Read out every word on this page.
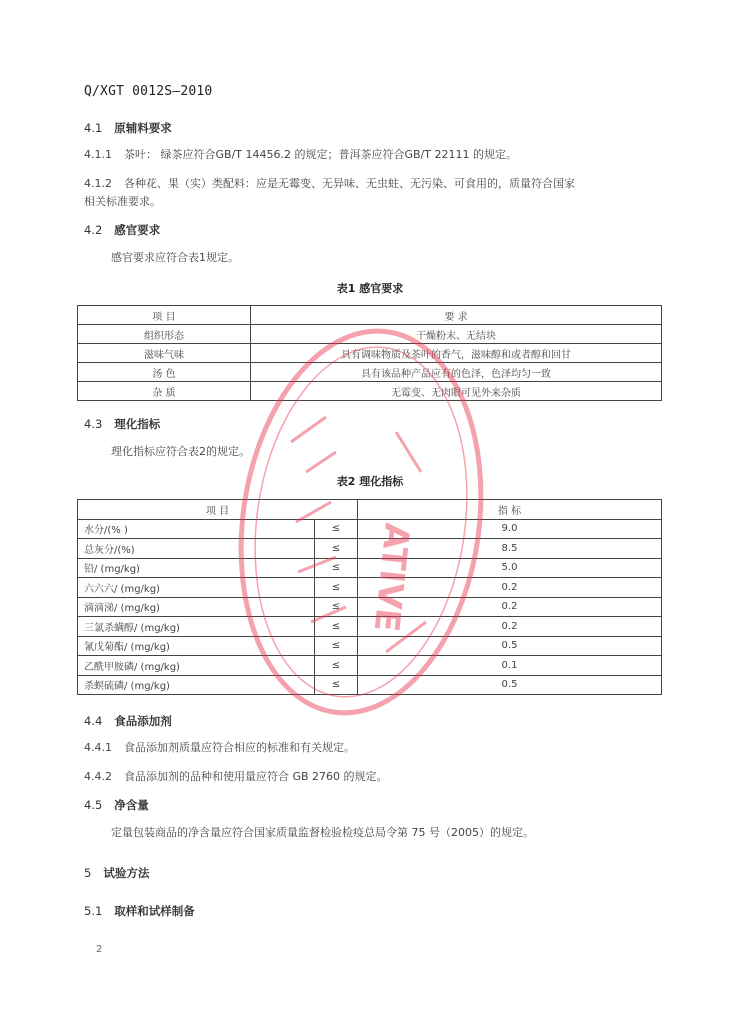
Q/XGT 0012S—2010
4.1 原辅料要求
4.1.1 茶叶： 绿茶应符合GB/T 14456.2 的规定；普洱茶应符合GB/T 22111 的规定。
4.1.2 各种花、果（实）类配料：应是无霉变、无异味、无虫蛀、无污染、可食用的，质量符合国家
相关标准要求。
4.2 感官要求
感官要求应符合表1规定。
表1 感官要求
项 目	要 求
组织形态	干燥粉末、无结块
滋味气味	具有调味物质及茶叶的香气，滋味醇和或者醇和回甘
汤 色	具有该品种产品应有的色泽，色泽均匀一致
杂 质	无霉变、无肉眼可见外来杂质
4.3 理化指标
理化指标应符合表2的规定。
表2 理化指标
项 目		指 标
水分/(% )	≤	9.0
总灰分/(%)	≤	8.5
铅/ (mg/kg)	≤	5.0
六六六/ (mg/kg)	≤	0.2
滴滴涕/ (mg/kg)	≤	0.2
三氯杀螨醇/ (mg/kg)	≤	0.2
氰戊菊酯/ (mg/kg)	≤	0.5
乙酰甲胺磷/ (mg/kg)	≤	0.1
杀螟硫磷/ (mg/kg)	≤	0.5
ATIVE
4.4 食品添加剂
4.4.1 食品添加剂质量应符合相应的标准和有关规定。
4.4.2 食品添加剂的品种和使用量应符合 GB 2760 的规定。
4.5 净含量
定量包装商品的净含量应符合国家质量监督检验检疫总局令第 75 号（2005）的规定。
5 试验方法
5.1 取样和试样制备
2
